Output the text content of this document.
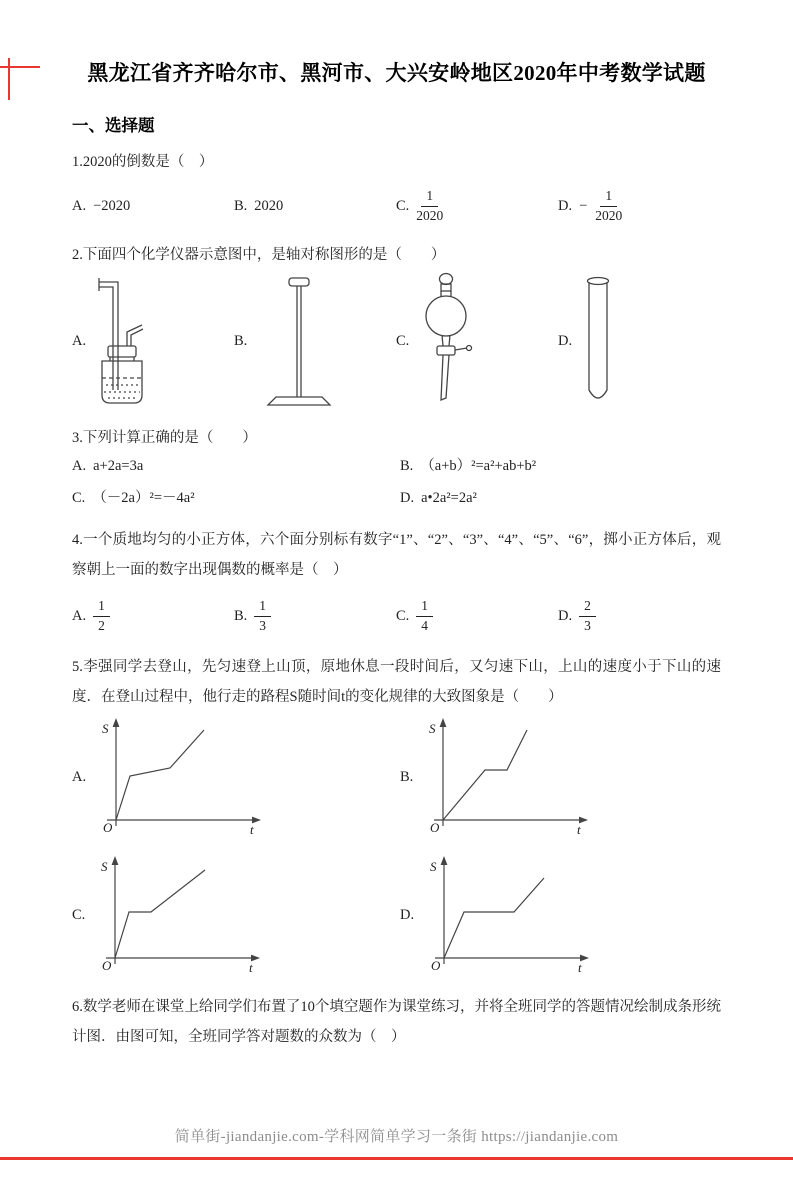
黑龙江省齐齐哈尔市、黑河市、大兴安岭地区2020年中考数学试题
一、选择题

1.2020的倒数是（　）

A. −2020	B. 2020	C. $\frac{1}{2020}$	D. − $\frac{1}{2020}$

2.下面四个化学仪器示意图中，是轴对称图形的是（　　）

A.	B.	C.	D.

3.下列计算正确的是（　　）

A. a+2a=3a	B. （a+b）²=a²+ab+b²
C. （－2a）²=－4a²	D. a•2a²=2a²

4.一个质地均匀的小正方体，六个面分别标有数字“1”、“2”、“3”、“4”、“5”、“6”，掷小正方体后，观察朝上一面的数字出现偶数的概率是（　）

A. $\frac{1}{2}$	B. $\frac{1}{3}$	C. $\frac{1}{4}$	D. $\frac{2}{3}$

5.李强同学去登山，先匀速登上山顶，原地休息一段时间后，又匀速下山，上山的速度小于下山的速度．在登山过程中，他行走的路程S随时间t的变化规律的大致图象是（　　）

A.
S
t
O
B.
S
t
O
C.
S
t
O
D.
S
t
O

6.数学老师在课堂上给同学们布置了10个填空题作为课堂练习，并将全班同学的答题情况绘制成条形统计图．由图可知，全班同学答对题数的众数为（　）

简单街-jiandanjie.com-学科网简单学习一条街 https://jiandanjie.com
